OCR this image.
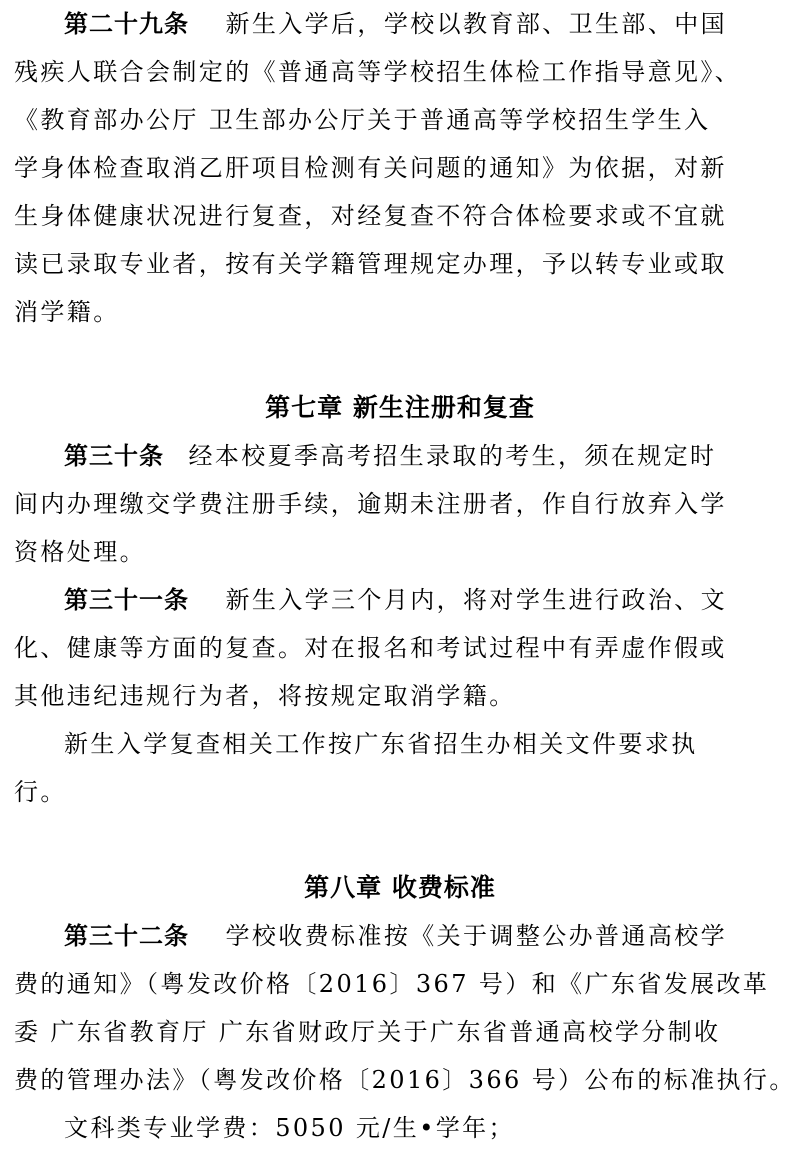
第二十九条   新生入学后，学校以教育部、卫生部、中国
残疾人联合会制定的《普通高等学校招生体检工作指导意见》、
《教育部办公厅 卫生部办公厅关于普通高等学校招生学生入
学身体检查取消乙肝项目检测有关问题的通知》为依据，对新
生身体健康状况进行复查，对经复查不符合体检要求或不宜就
读已录取专业者，按有关学籍管理规定办理，予以转专业或取
消学籍。
第七章 新生注册和复查
第三十条   经本校夏季高考招生录取的考生，须在规定时
间内办理缴交学费注册手续，逾期未注册者，作自行放弃入学
资格处理。
第三十一条   新生入学三个月内，将对学生进行政治、文
化、健康等方面的复查。对在报名和考试过程中有弄虚作假或
其他违纪违规行为者，将按规定取消学籍。
新生入学复查相关工作按广东省招生办相关文件要求执
行。
第八章 收费标准
第三十二条   学校收费标准按《关于调整公办普通高校学
费的通知》（粤发改价格〔2016〕367 号）和《广东省发展改革
委 广东省教育厅 广东省财政厅关于广东省普通高校学分制收
费的管理办法》（粤发改价格〔2016〕366 号）公布的标准执行。
文科类专业学费：5050 元/生•学年；
